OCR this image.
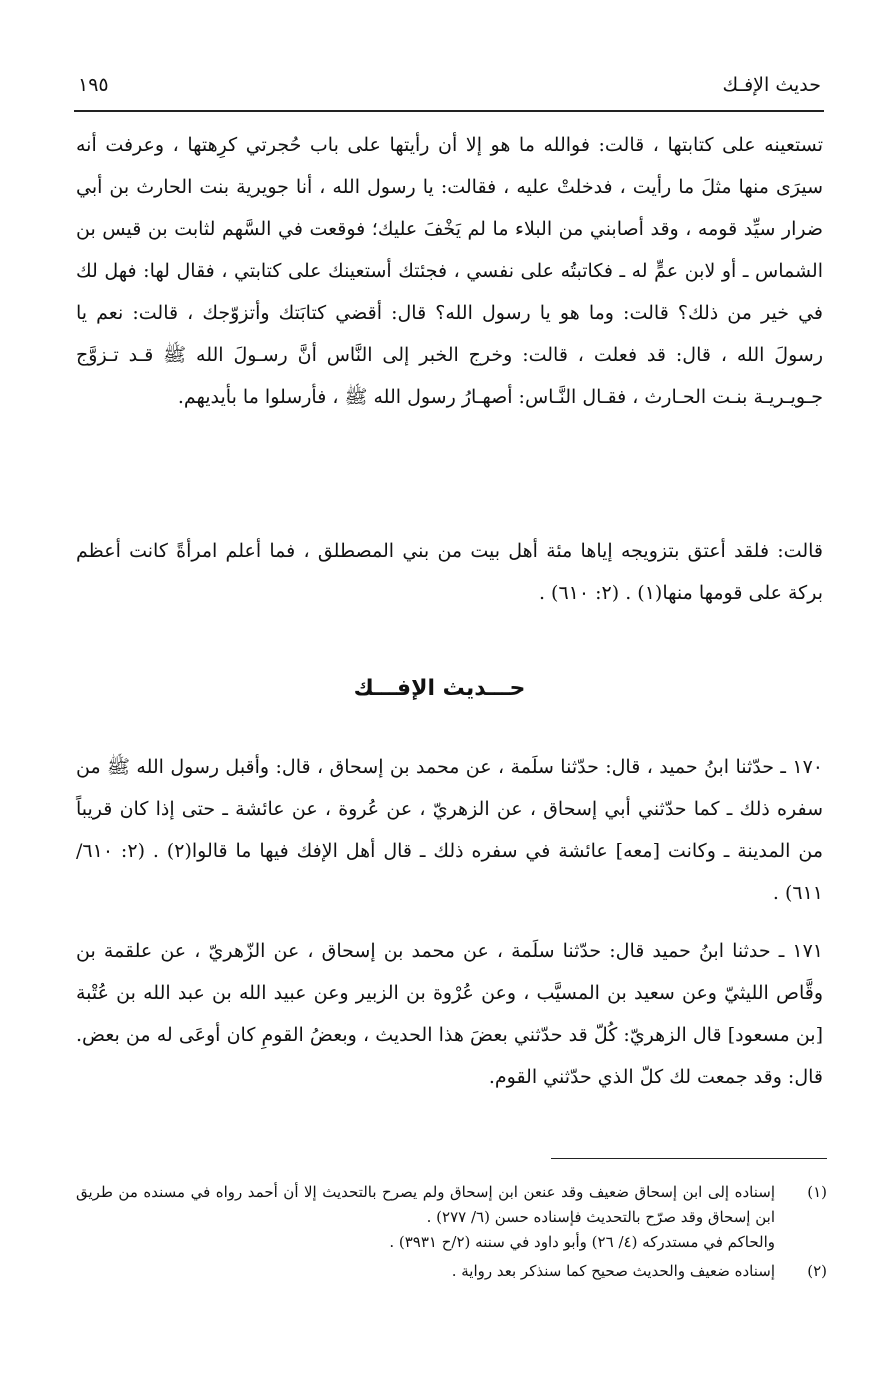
حديث الإفـك
١٩٥

تستعينه على كتابتها ، قالت: فوالله ما هو إلا أن رأيتها على باب حُجرتي كرِهتها ، وعرفت أنه سيرَى منها مثلَ ما رأيت ، فدخلتْ عليه ، فقالت: يا رسول الله ، أنا جويرية بنت الحارث بن أبي ضرار سيِّد قومه ، وقد أصابني من البلاء ما لم يَخْفَ عليك؛ فوقعت في السَّهم لثابت بن قيس بن الشماس ـ أو لابن عمٍّ له ـ فكاتبتُه على نفسي ، فجئتك أستعينك على كتابتي ، فقال لها: فهل لك في خير من ذلك؟ قالت: وما هو يا رسول الله؟ قال: أقضي كتابَتك وأتزوّجك ، قالت: نعم يا رسولَ الله ، قال: قد فعلت ، قالت: وخرج الخبر إلى النَّاس أنَّ رسـولَ الله ﷺ قـد تـزوَّج جـويـريـة بنـت الحـارث ، فقـال النَّـاس: أصهـارُ رسول الله ﷺ ، فأرسلوا ما بأيديهم.

قالت: فلقد أعتق بتزويجه إياها مئة أهل بيت من بني المصطلق ، فما أعلم امرأةً كانت أعظم بركة على قومها منها(١) . (٢: ٦١٠) .

حـــديث الإفـــك

١٧٠ ـ حدّثنا ابنُ حميد ، قال: حدّثنا سلَمة ، عن محمد بن إسحاق ، قال: وأقبل رسول الله ﷺ من سفره ذلك ـ كما حدّثني أبي إسحاق ، عن الزهريّ ، عن عُروة ، عن عائشة ـ حتى إذا كان قريباً من المدينة ـ وكانت [معه] عائشة في سفره ذلك ـ قال أهل الإفك فيها ما قالوا(٢) . (٢: ٦١٠/ ٦١١) .

١٧١ ـ حدثنا ابنُ حميد قال: حدّثنا سلَمة ، عن محمد بن إسحاق ، عن الزّهريّ ، عن علقمة بن وقَّاص الليثيّ وعن سعيد بن المسيَّب ، وعن عُرْوة بن الزبير وعن عبيد الله بن عبد الله بن عُتْبة [بن مسعود] قال الزهريّ: كُلّ قد حدّثني بعضَ هذا الحديث ، وبعضُ القومِ كان أوعَى له من بعض. قال: وقد جمعت لك كلّ الذي حدّثني القوم.

(١)
إسناده إلى ابن إسحاق ضعيف وقد عنعن ابن إسحاق ولم يصرح بالتحديث إلا أن أحمد رواه في مسنده من طريق ابن إسحاق وقد صرّح بالتحديث فإسناده حسن (٦/ ٢٧٧) .
والحاكم في مستدركه (٤/ ٢٦) وأبو داود في سننه (٢/ح ٣٩٣١) .
(٢)
إسناده ضعيف والحديث صحيح كما سنذكر بعد رواية .
